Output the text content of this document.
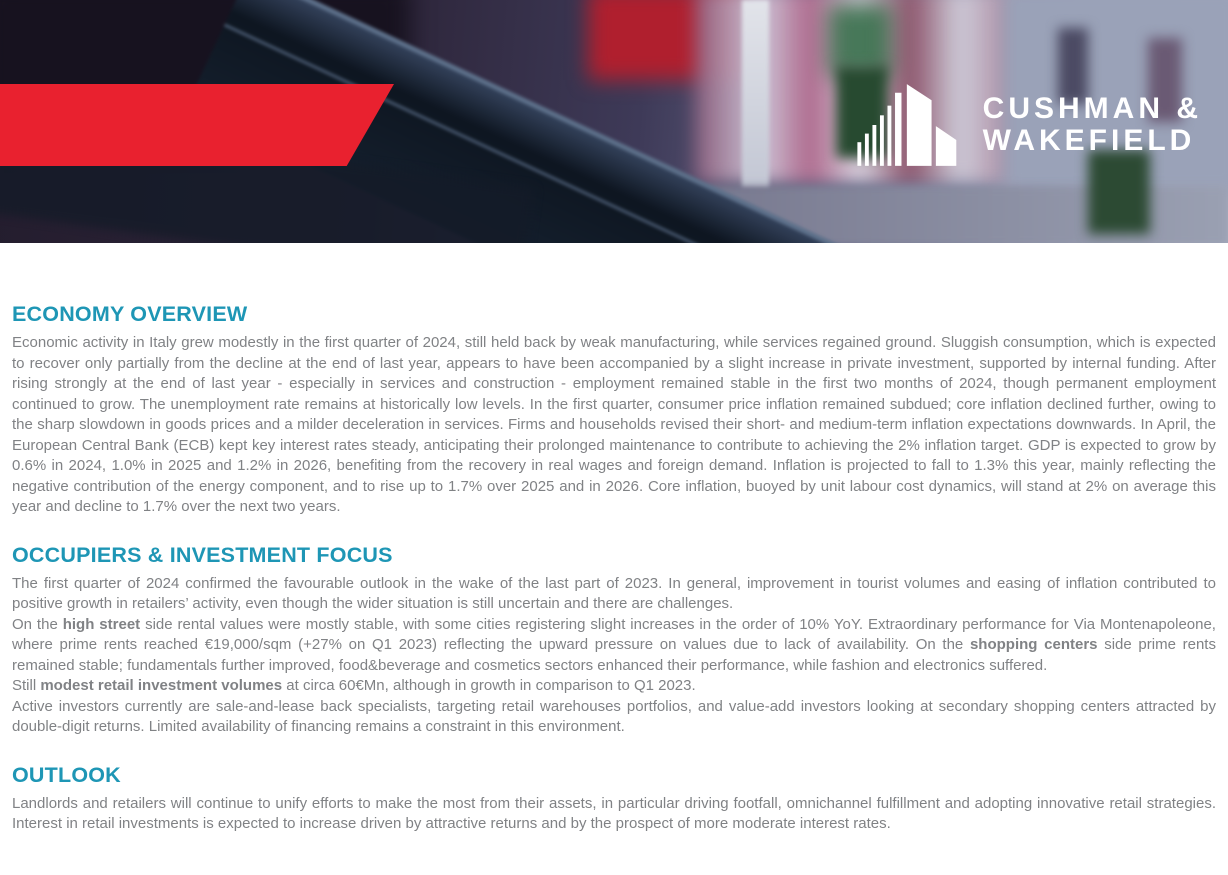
CUSHMAN &
WAKEFIELD
ECONOMY OVERVIEW

Economic activity in Italy grew modestly in the first quarter of 2024, still held back by weak manufacturing, while services regained ground. Sluggish consumption, which is expected to recover only partially from the decline at the end of last year, appears to have been accompanied by a slight increase in private investment, supported by internal funding. After rising strongly at the end of last year - especially in services and construction - employment remained stable in the first two months of 2024, though permanent employment continued to grow. The unemployment rate remains at historically low levels. In the first quarter, consumer price inflation remained subdued; core inflation declined further, owing to the sharp slowdown in goods prices and a milder deceleration in services. Firms and households revised their short- and medium-term inflation expectations downwards. In April, the European Central Bank (ECB) kept key interest rates steady, anticipating their prolonged maintenance to contribute to achieving the 2% inflation target. GDP is expected to grow by 0.6% in 2024, 1.0% in 2025 and 1.2% in 2026, benefiting from the recovery in real wages and foreign demand. Inflation is projected to fall to 1.3% this year, mainly reflecting the negative contribution of the energy component, and to rise up to 1.7% over 2025 and in 2026. Core inflation, buoyed by unit labour cost dynamics, will stand at 2% on average this year and decline to 1.7% over the next two years.

OCCUPIERS & INVESTMENT FOCUS

The first quarter of 2024 confirmed the favourable outlook in the wake of the last part of 2023. In general, improvement in tourist volumes and easing of inflation contributed to positive growth in retailers’ activity, even though the wider situation is still uncertain and there are challenges.

On the high street side rental values were mostly stable, with some cities registering slight increases in the order of 10% YoY. Extraordinary performance for Via Montenapoleone, where prime rents reached €19,000/sqm (+27% on Q1 2023) reflecting the upward pressure on values due to lack of availability. On the shopping centers side prime rents remained stable; fundamentals further improved, food&beverage and cosmetics sectors enhanced their performance, while fashion and electronics suffered.

Still modest retail investment volumes at circa 60€Mn, although in growth in comparison to Q1 2023.

Active investors currently are sale-and-lease back specialists, targeting retail warehouses portfolios, and value-add investors looking at secondary shopping centers attracted by double-digit returns. Limited availability of financing remains a constraint in this environment.

OUTLOOK

Landlords and retailers will continue to unify efforts to make the most from their assets, in particular driving footfall, omnichannel fulfillment and adopting innovative retail strategies. Interest in retail investments is expected to increase driven by attractive returns and by the prospect of more moderate interest rates.
